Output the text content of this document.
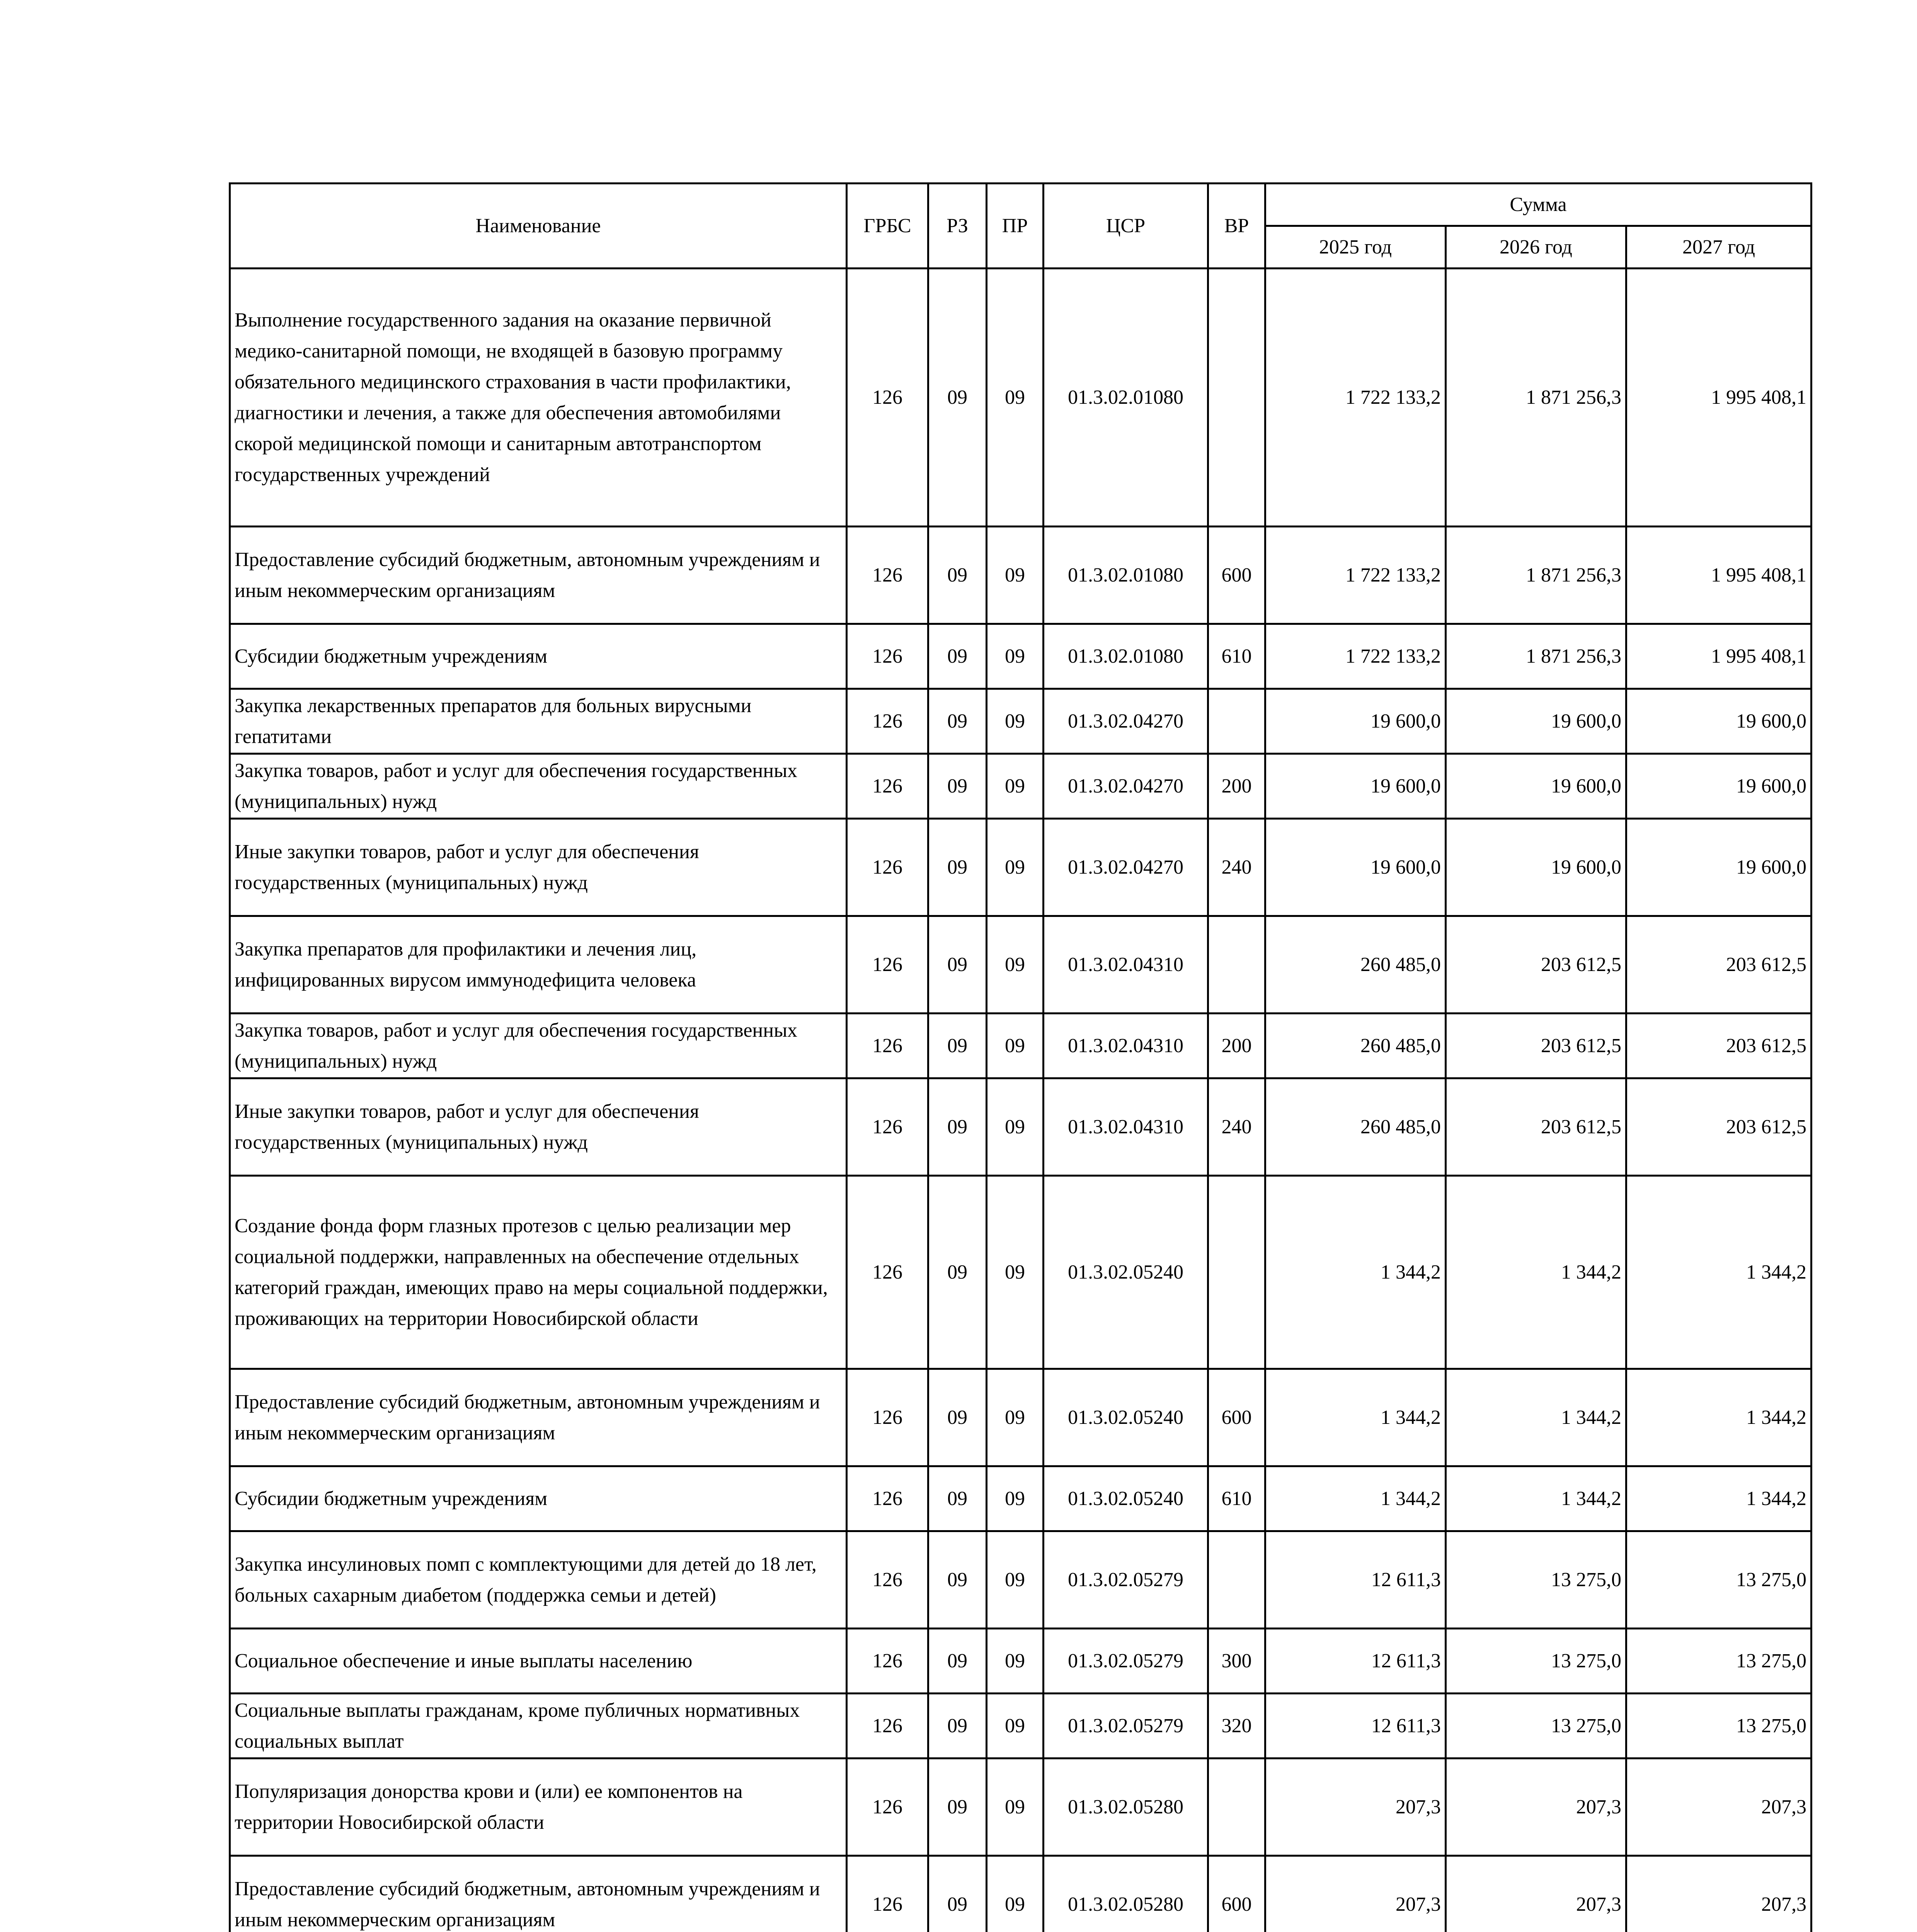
Наименование	ГРБС	РЗ	ПР	ЦСР	ВР	Сумма		
						2025 год	2026 год	2027 год
Выполнение государственного задания на оказание первичной медико-санитарной помощи, не входящей в базовую программу обязательного медицинского страхования в части профилактики, диагностики и лечения, а также для обеспечения автомобилями скорой медицинской помощи и санитарным автотранспортом государственных учреждений	126	09	09	01.3.02.01080		1 722 133,2	1 871 256,3	1 995 408,1
Предоставление субсидий бюджетным, автономным учреждениям и иным некоммерческим организациям	126	09	09	01.3.02.01080	600	1 722 133,2	1 871 256,3	1 995 408,1
Субсидии бюджетным учреждениям	126	09	09	01.3.02.01080	610	1 722 133,2	1 871 256,3	1 995 408,1
Закупка лекарственных препаратов для больных вирусными гепатитами	126	09	09	01.3.02.04270		19 600,0	19 600,0	19 600,0
Закупка товаров, работ и услуг для обеспечения государственных (муниципальных) нужд	126	09	09	01.3.02.04270	200	19 600,0	19 600,0	19 600,0
Иные закупки товаров, работ и услуг для обеспечения государственных (муниципальных) нужд	126	09	09	01.3.02.04270	240	19 600,0	19 600,0	19 600,0
Закупка препаратов для профилактики и лечения лиц, инфицированных вирусом иммунодефицита человека	126	09	09	01.3.02.04310		260 485,0	203 612,5	203 612,5
Закупка товаров, работ и услуг для обеспечения государственных (муниципальных) нужд	126	09	09	01.3.02.04310	200	260 485,0	203 612,5	203 612,5
Иные закупки товаров, работ и услуг для обеспечения государственных (муниципальных) нужд	126	09	09	01.3.02.04310	240	260 485,0	203 612,5	203 612,5
Создание фонда форм глазных протезов с целью реализации мер социальной поддержки, направленных на обеспечение отдельных категорий граждан, имеющих право на меры социальной поддержки, проживающих на территории Новосибирской области	126	09	09	01.3.02.05240		1 344,2	1 344,2	1 344,2
Предоставление субсидий бюджетным, автономным учреждениям и иным некоммерческим организациям	126	09	09	01.3.02.05240	600	1 344,2	1 344,2	1 344,2
Субсидии бюджетным учреждениям	126	09	09	01.3.02.05240	610	1 344,2	1 344,2	1 344,2
Закупка инсулиновых помп с комплектующими для детей до 18 лет, больных сахарным диабетом (поддержка семьи и детей)	126	09	09	01.3.02.05279		12 611,3	13 275,0	13 275,0
Социальное обеспечение и иные выплаты населению	126	09	09	01.3.02.05279	300	12 611,3	13 275,0	13 275,0
Социальные выплаты гражданам, кроме публичных нормативных социальных выплат	126	09	09	01.3.02.05279	320	12 611,3	13 275,0	13 275,0
Популяризация донорства крови и (или) ее компонентов на территории Новосибирской области	126	09	09	01.3.02.05280		207,3	207,3	207,3
Предоставление субсидий бюджетным, автономным учреждениям и иным некоммерческим организациям	126	09	09	01.3.02.05280	600	207,3	207,3	207,3
